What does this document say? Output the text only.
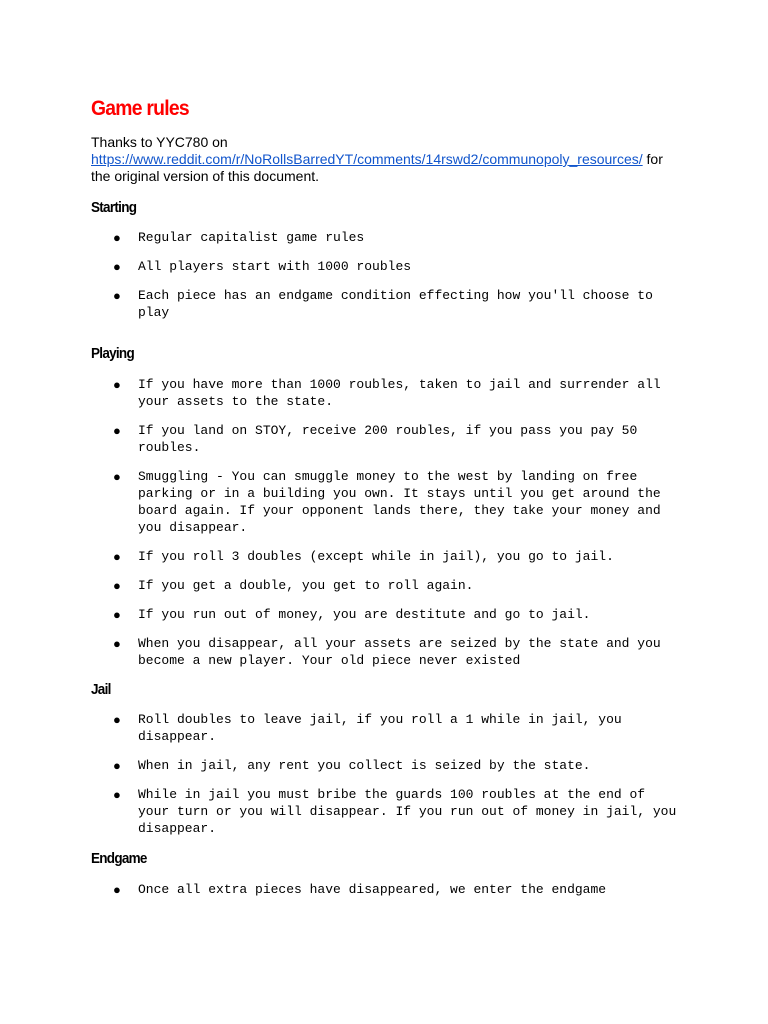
Game rules
Thanks to YYC780 on
https://www.reddit.com/r/NoRollsBarredYT/comments/14rswd2/communopoly_resources/ for
the original version of this document.
Starting
● Regular capitalist game rules
● All players start with 1000 roubles
● Each piece has an endgame condition effecting how you'll choose to play
Playing
● If you have more than 1000 roubles, taken to jail and surrender all your assets to the state.
● If you land on STOY, receive 200 roubles, if you pass you pay 50 roubles.
● Smuggling - You can smuggle money to the west by landing on free parking or in a building you own. It stays until you get around the board again. If your opponent lands there, they take your money and you disappear.
● If you roll 3 doubles (except while in jail), you go to jail.
● If you get a double, you get to roll again.
● If you run out of money, you are destitute and go to jail.
● When you disappear, all your assets are seized by the state and you become a new player. Your old piece never existed
Jail
● Roll doubles to leave jail, if you roll a 1 while in jail, you disappear.
● When in jail, any rent you collect is seized by the state.
● While in jail you must bribe the guards 100 roubles at the end of your turn or you will disappear. If you run out of money in jail, you disappear.
Endgame
● Once all extra pieces have disappeared, we enter the endgame
